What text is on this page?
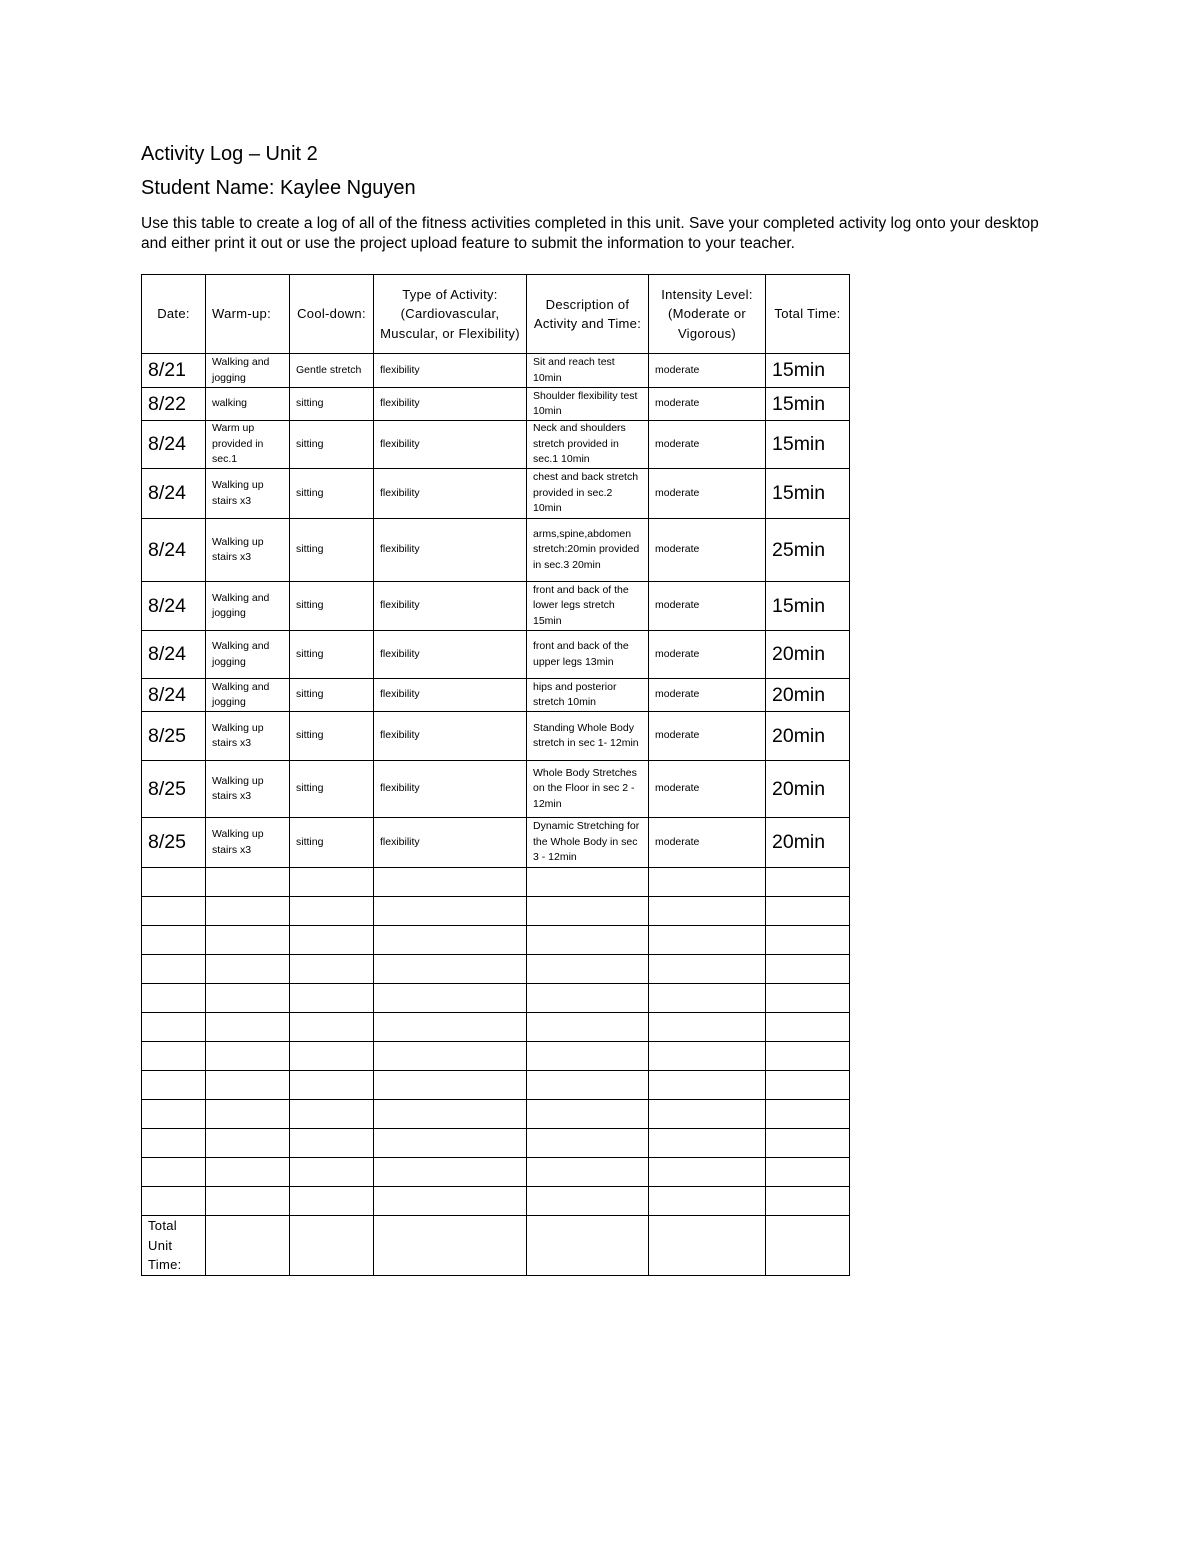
Activity Log – Unit 2

Student Name: Kaylee Nguyen

Use this table to create a log of all of the fitness activities completed in this unit. Save your completed activity log onto your desktop and either print it out or use the project upload feature to submit the information to your teacher.

Date:	Warm-up:	Cool-down:	Type of Activity: (Cardiovascular, Muscular, or Flexibility)	Description of Activity and Time:	Intensity Level: (Moderate or Vigorous)	Total Time:
8/21	Walking and jogging	Gentle stretch	flexibility	Sit and reach test 10min	moderate	15min
8/22	walking	sitting	flexibility	Shoulder flexibility test 10min	moderate	15min
8/24	Warm up provided in sec.1	sitting	flexibility	Neck and shoulders stretch provided in sec.1 10min	moderate	15min
8/24	Walking up stairs x3	sitting	flexibility	chest and back stretch provided in sec.2 10min	moderate	15min
8/24	Walking up stairs x3	sitting	flexibility	arms,spine,abdomen stretch:20min provided in sec.3 20min	moderate	25min
8/24	Walking and jogging	sitting	flexibility	front and back of the lower legs stretch 15min	moderate	15min
8/24	Walking and jogging	sitting	flexibility	front and back of the upper legs 13min	moderate	20min
8/24	Walking and jogging	sitting	flexibility	hips and posterior stretch 10min	moderate	20min
8/25	Walking up stairs x3	sitting	flexibility	Standing Whole Body stretch in sec 1- 12min	moderate	20min
8/25	Walking up stairs x3	sitting	flexibility	Whole Body Stretches on the Floor in sec 2 - 12min	moderate	20min
8/25	Walking up stairs x3	sitting	flexibility	Dynamic Stretching for the Whole Body in sec 3 - 12min	moderate	20min

Total Unit Time:						
